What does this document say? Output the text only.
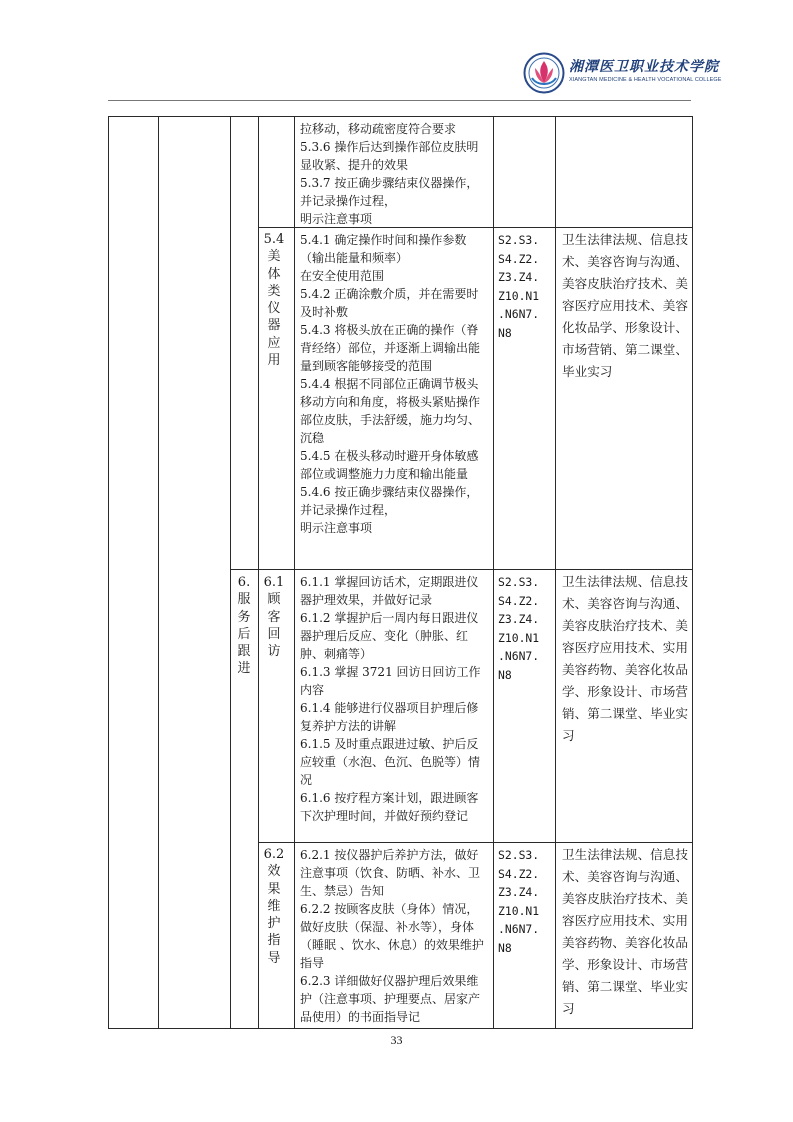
湘潭医卫职业技术学院
XIANGTAN MEDICINE & HEALTH VOCATIONAL COLLEGE
拉移动，移动疏密度符合要求
5.3.6 操作后达到操作部位皮肤明显收紧、提升的效果
5.3.7 按正确步骤结束仪器操作，并记录操作过程，
明示注意事项
5.4美体类仪器应用
5.4.1 确定操作时间和操作参数（输出能量和频率）
在安全使用范围
5.4.2 正确涂敷介质，并在需要时及时补敷
5.4.3 将极头放在正确的操作（脊背经络）部位，并逐渐上调输出能量到顾客能够接受的范围
5.4.4 根据不同部位正确调节极头移动方向和角度，将极头紧贴操作部位皮肤，手法舒缓，施力均匀、沉稳
5.4.5 在极头移动时避开身体敏感部位或调整施力力度和输出能量
5.4.6 按正确步骤结束仪器操作，并记录操作过程，
明示注意事项
S2.S3.
S4.Z2.
Z3.Z4.
Z10.N1
.N6N7.
N8
卫生法律法规、信息技术、美容咨询与沟通、美容皮肤治疗技术、美容医疗应用技术、美容化妆品学、形象设计、市场营销、第二课堂、毕业实习
6.服务后跟进
6.1顾客回访
6.1.1 掌握回访话术，定期跟进仪器护理效果，并做好记录
6.1.2 掌握护后一周内每日跟进仪器护理后反应、变化（肿胀、红肿、刺痛等）
6.1.3 掌握 3721 回访日回访工作内容
6.1.4 能够进行仪器项目护理后修复养护方法的讲解
6.1.5 及时重点跟进过敏、护后反应较重（水泡、色沉、色脱等）情况
6.1.6 按疗程方案计划，跟进顾客下次护理时间，并做好预约登记
S2.S3.
S4.Z2.
Z3.Z4.
Z10.N1
.N6N7.
N8
卫生法律法规、信息技术、美容咨询与沟通、美容皮肤治疗技术、美容医疗应用技术、实用美容药物、美容化妆品学、形象设计、市场营销、第二课堂、毕业实习
6.2效果维护指导
6.2.1 按仪器护后养护方法，做好注意事项（饮食、防晒、补水、卫生、禁忌）告知
6.2.2 按顾客皮肤（身体）情况，做好皮肤（保湿、补水等），身体（睡眠 、饮水、休息）的效果维护指导
6.2.3 详细做好仪器护理后效果维护（注意事项、护理要点、居家产品使用）的书面指导记
S2.S3.
S4.Z2.
Z3.Z4.
Z10.N1
.N6N7.
N8
卫生法律法规、信息技术、美容咨询与沟通、美容皮肤治疗技术、美容医疗应用技术、实用美容药物、美容化妆品学、形象设计、市场营销、第二课堂、毕业实习
33
